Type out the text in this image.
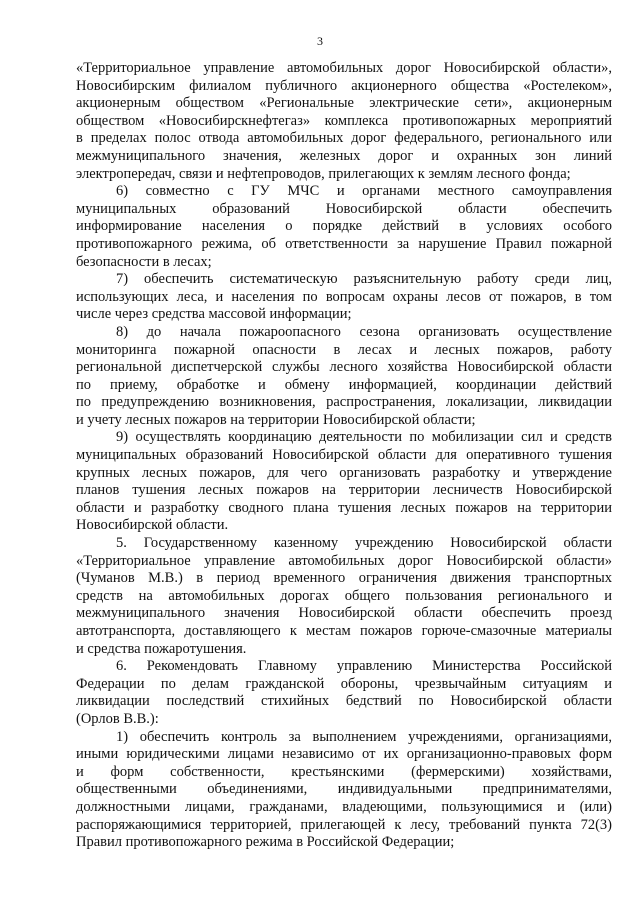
3
«Территориальное управление автомобильных дорог Новосибирской области»,
Новосибирским филиалом публичного акционерного общества «Ростелеком»,
акционерным обществом «Региональные электрические сети», акционерным
обществом «Новосибирскнефтегаз» комплекса противопожарных мероприятий
в пределах полос отвода автомобильных дорог федерального, регионального или
межмуниципального значения, железных дорог и охранных зон линий
электропередач, связи и нефтепроводов, прилегающих к землям лесного фонда;
6) совместно с ГУ МЧС и органами местного самоуправления
муниципальных образований Новосибирской области обеспечить
информирование населения о порядке действий в условиях особого
противопожарного режима, об ответственности за нарушение Правил пожарной
безопасности в лесах;
7) обеспечить систематическую разъяснительную работу среди лиц,
использующих леса, и населения по вопросам охраны лесов от пожаров, в том
числе через средства массовой информации;
8) до начала пожароопасного сезона организовать осуществление
мониторинга пожарной опасности в лесах и лесных пожаров, работу
региональной диспетчерской службы лесного хозяйства Новосибирской области
по приему, обработке и обмену информацией, координации действий
по предупреждению возникновения, распространения, локализации, ликвидации
и учету лесных пожаров на территории Новосибирской области;
9) осуществлять координацию деятельности по мобилизации сил и средств
муниципальных образований Новосибирской области для оперативного тушения
крупных лесных пожаров, для чего организовать разработку и утверждение
планов тушения лесных пожаров на территории лесничеств Новосибирской
области и разработку сводного плана тушения лесных пожаров на территории
Новосибирской области.
5. Государственному казенному учреждению Новосибирской области
«Территориальное управление автомобильных дорог Новосибирской области»
(Чуманов М.В.) в период временного ограничения движения транспортных
средств на автомобильных дорогах общего пользования регионального и
межмуниципального значения Новосибирской области обеспечить проезд
автотранспорта, доставляющего к местам пожаров горюче-смазочные материалы
и средства пожаротушения.
6. Рекомендовать Главному управлению Министерства Российской
Федерации по делам гражданской обороны, чрезвычайным ситуациям и
ликвидации последствий стихийных бедствий по Новосибирской области
(Орлов В.В.):
1) обеспечить контроль за выполнением учреждениями, организациями,
иными юридическими лицами независимо от их организационно-правовых форм
и форм собственности, крестьянскими (фермерскими) хозяйствами,
общественными объединениями, индивидуальными предпринимателями,
должностными лицами, гражданами, владеющими, пользующимися и (или)
распоряжающимися территорией, прилегающей к лесу, требований пункта 72(3)
Правил противопожарного режима в Российской Федерации;
